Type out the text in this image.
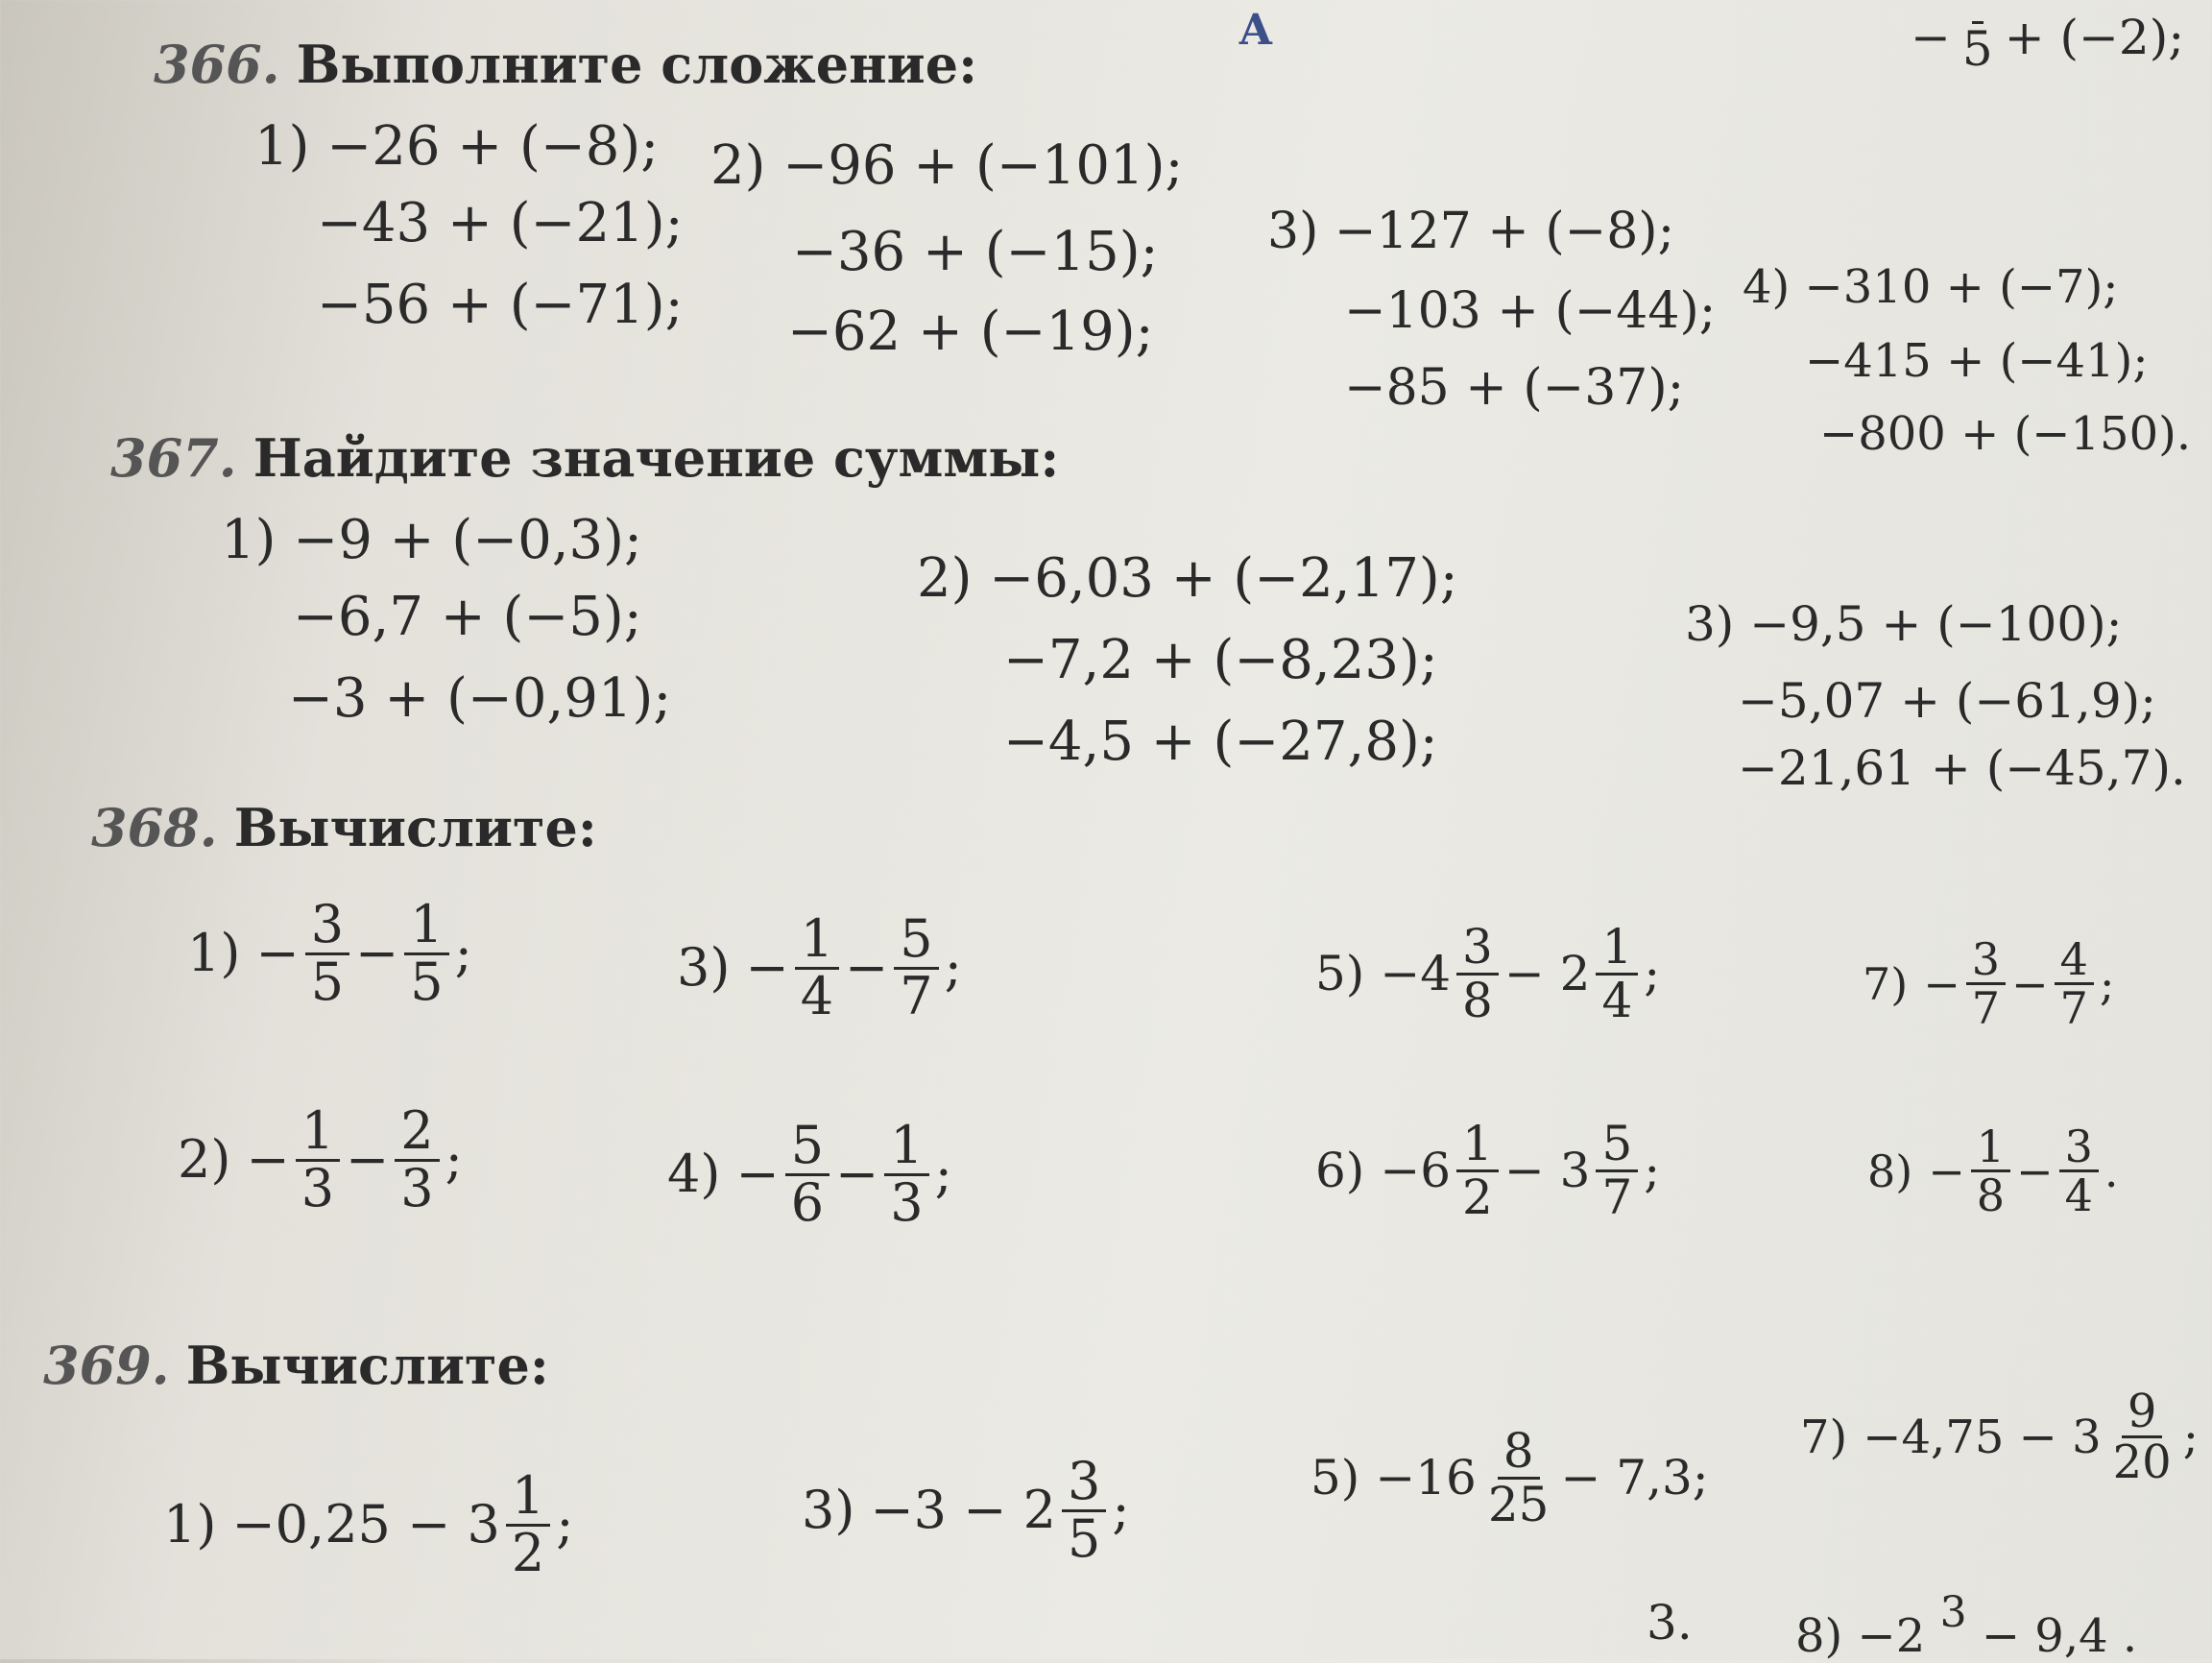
А	− 5 + (−2);
366. Выполните сложение:
1) −26 + (−8); 2) −96 + (−101);
3) −127 + (−8);
4) −310 + (−7);
−43 + (−21); −36 + (−15);
−103 + (−44);
−415 + (−41);
−56 + (−71); −62 + (−19);
−85 + (−37);
−800 + (−150).
367. Найдите значение суммы:
1) −9 + (−0,3);
−6,7 + (−5);
−3 + (−0,91);
2) −6,03 + (−2,17);
−7,2 + (−8,23);
−4,5 + (−27,8);
3) −9,5 + (−100);
−5,07 + (−61,9);
−21,61 + (−45,7).
368. Вычислите:
$1) - \frac{3}{5} - \frac{1}{5}$ ;	$3) - \frac{1}{4} - \frac{5}{7}$ ;	$5) -4 \frac{3}{8} - 2 \frac{1}{4}$ ;	$7) - \frac{3}{7} - \frac{4}{7}$ ;
$2) - \frac{1}{3} - \frac{2}{3}$ ;	$4) - \frac{5}{6} - \frac{1}{3}$ ;	$6) -6 \frac{1}{2} - 3 \frac{5}{7}$ ;	$8) - \frac{1}{8} - \frac{3}{4}$ .
369. Вычислите:
$1) -0,25 - 3 \frac{1}{2}$ ;	$3) -3 - 2 \frac{3}{5}$ ;
$5) -16 \frac{8}{25} - 7,3$;
$7) -4,75 - 3 \frac{9}{20}$ ;
3. 8) −2 3 − 9,4 .
